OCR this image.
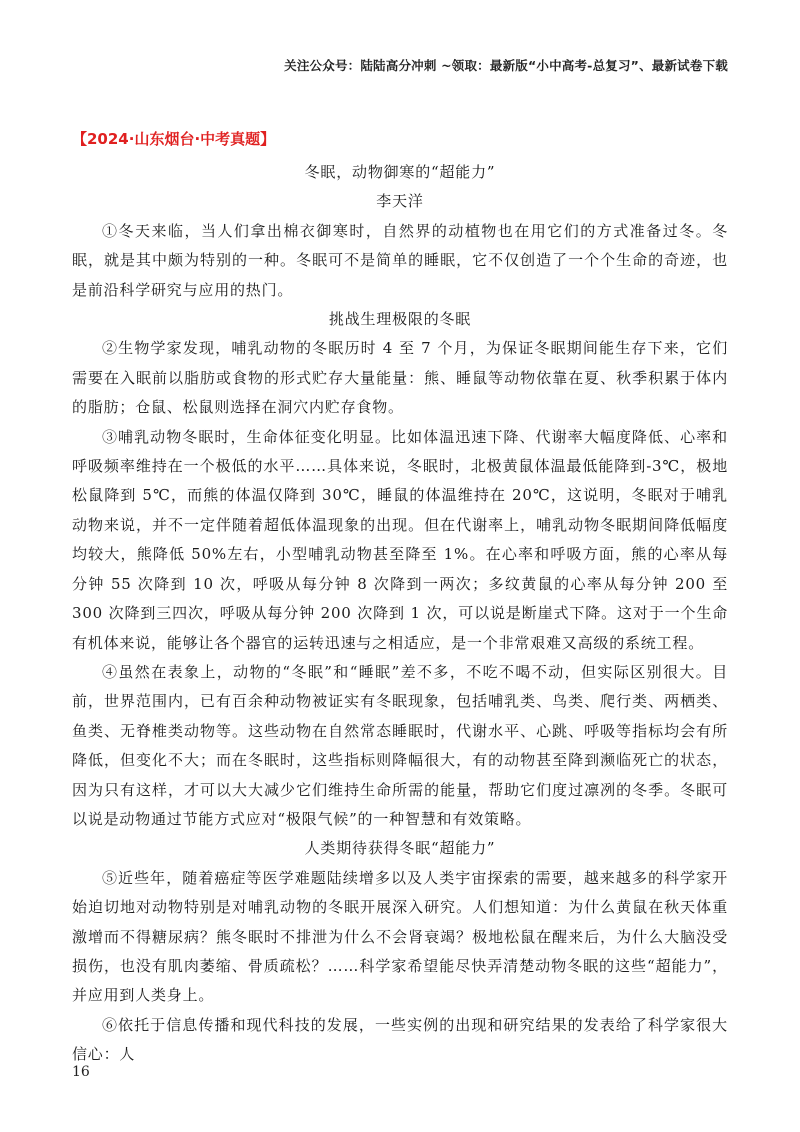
关注公众号：陆陆高分冲刺 ~领取：最新版“小中高考-总复习”、最新试卷下载
【2024·山东烟台·中考真题】

冬眠，动物御寒的“超能力”

李天洋

①冬天来临，当人们拿出棉衣御寒时，自然界的动植物也在用它们的方式准备过冬。冬眠，就是其中颇为特别的一种。冬眠可不是简单的睡眠，它不仅创造了一个个生命的奇迹，也是前沿科学研究与应用的热门。

挑战生理极限的冬眠

②生物学家发现，哺乳动物的冬眠历时 4 至 7 个月，为保证冬眠期间能生存下来，它们需要在入眠前以脂肪或食物的形式贮存大量能量：熊、睡鼠等动物依靠在夏、秋季积累于体内的脂肪；仓鼠、松鼠则选择在洞穴内贮存食物。

③哺乳动物冬眠时，生命体征变化明显。比如体温迅速下降、代谢率大幅度降低、心率和呼吸频率维持在一个极低的水平……具体来说，冬眠时，北极黄鼠体温最低能降到-3℃，极地松鼠降到 5℃，而熊的体温仅降到 30℃，睡鼠的体温维持在 20℃，这说明，冬眠对于哺乳动物来说，并不一定伴随着超低体温现象的出现。但在代谢率上，哺乳动物冬眠期间降低幅度均较大，熊降低 50%左右，小型哺乳动物甚至降至 1%。在心率和呼吸方面，熊的心率从每分钟 55 次降到 10 次，呼吸从每分钟 8 次降到一两次；多纹黄鼠的心率从每分钟 200 至 300 次降到三四次，呼吸从每分钟 200 次降到 1 次，可以说是断崖式下降。这对于一个生命有机体来说，能够让各个器官的运转迅速与之相适应，是一个非常艰难又高级的系统工程。

④虽然在表象上，动物的“冬眠”和“睡眠”差不多，不吃不喝不动，但实际区别很大。目前，世界范围内，已有百余种动物被证实有冬眠现象，包括哺乳类、鸟类、爬行类、两栖类、鱼类、无脊椎类动物等。这些动物在自然常态睡眠时，代谢水平、心跳、呼吸等指标均会有所降低，但变化不大；而在冬眠时，这些指标则降幅很大，有的动物甚至降到濒临死亡的状态，因为只有这样，才可以大大减少它们维持生命所需的能量，帮助它们度过凛冽的冬季。冬眠可以说是动物通过节能方式应对“极限气候”的一种智慧和有效策略。

人类期待获得冬眠“超能力”

⑤近些年，随着癌症等医学难题陆续增多以及人类宇宙探索的需要，越来越多的科学家开始迫切地对动物特别是对哺乳动物的冬眠开展深入研究。人们想知道：为什么黄鼠在秋天体重激增而不得糖尿病？熊冬眠时不排泄为什么不会肾衰竭？极地松鼠在醒来后，为什么大脑没受损伤，也没有肌肉萎缩、骨质疏松？……科学家希望能尽快弄清楚动物冬眠的这些“超能力”，并应用到人类身上。

⑥依托于信息传播和现代科技的发展，一些实例的出现和研究结果的发表给了科学家很大信心：人

16
